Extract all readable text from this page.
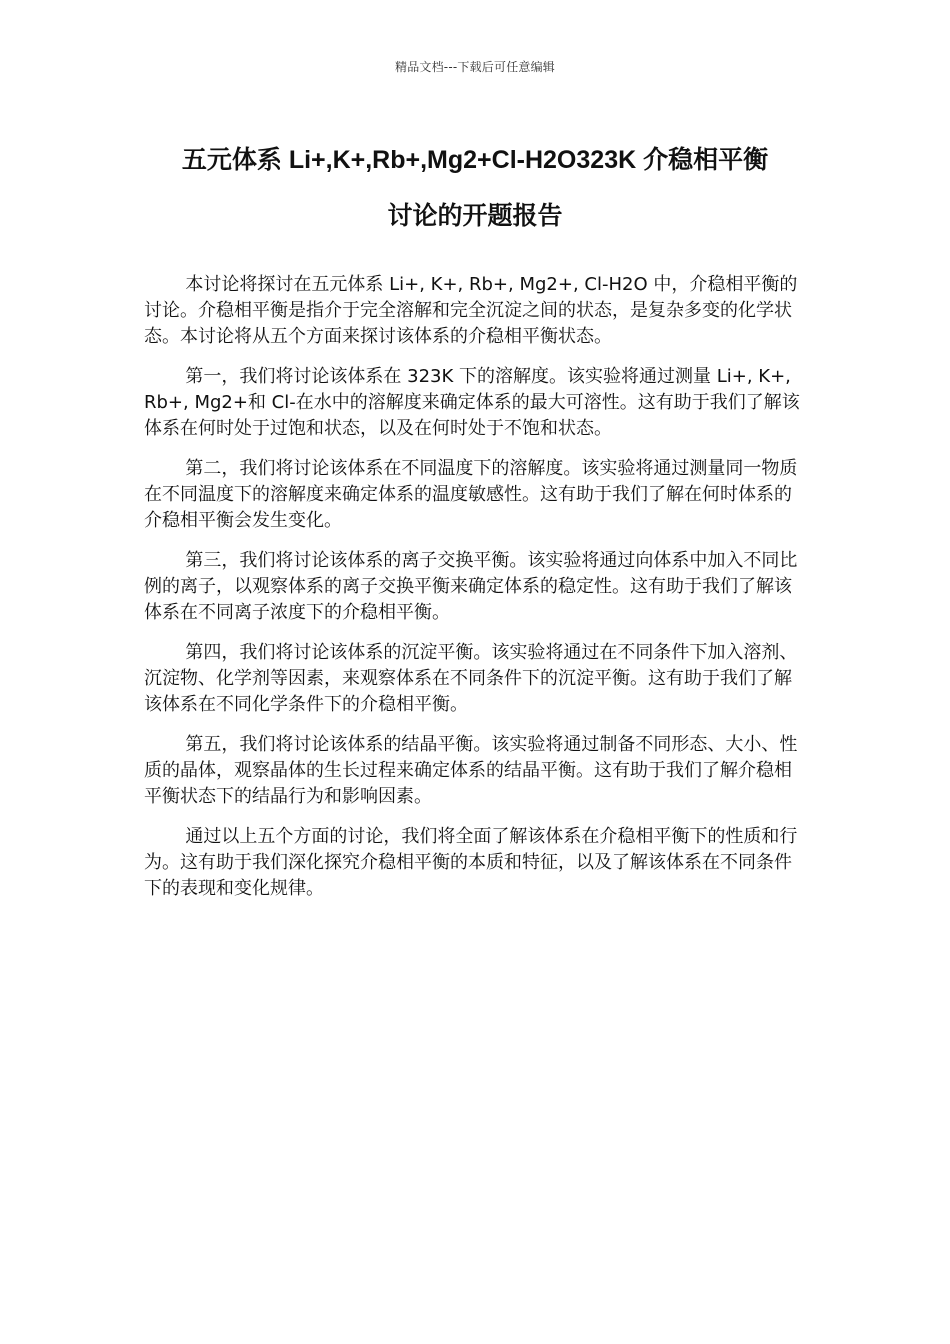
精品文档---下载后可任意编辑
五元体系 Li+,K+,Rb+,Mg2+Cl-H2O323K 介稳相平衡
讨论的开题报告

本讨论将探讨在五元体系 Li+, K+, Rb+, Mg2+, Cl-H2O 中，介稳相平衡的讨论。介稳相平衡是指介于完全溶解和完全沉淀之间的状态，是复杂多变的化学状态。本讨论将从五个方面来探讨该体系的介稳相平衡状态。

第一，我们将讨论该体系在 323K 下的溶解度。该实验将通过测量 Li+, K+, Rb+, Mg2+和 Cl-在水中的溶解度来确定体系的最大可溶性。这有助于我们了解该体系在何时处于过饱和状态，以及在何时处于不饱和状态。

第二，我们将讨论该体系在不同温度下的溶解度。该实验将通过测量同一物质在不同温度下的溶解度来确定体系的温度敏感性。这有助于我们了解在何时体系的介稳相平衡会发生变化。

第三，我们将讨论该体系的离子交换平衡。该实验将通过向体系中加入不同比例的离子，以观察体系的离子交换平衡来确定体系的稳定性。这有助于我们了解该体系在不同离子浓度下的介稳相平衡。

第四，我们将讨论该体系的沉淀平衡。该实验将通过在不同条件下加入溶剂、沉淀物、化学剂等因素，来观察体系在不同条件下的沉淀平衡。这有助于我们了解该体系在不同化学条件下的介稳相平衡。

第五，我们将讨论该体系的结晶平衡。该实验将通过制备不同形态、大小、性质的晶体，观察晶体的生长过程来确定体系的结晶平衡。这有助于我们了解介稳相平衡状态下的结晶行为和影响因素。

通过以上五个方面的讨论，我们将全面了解该体系在介稳相平衡下的性质和行为。这有助于我们深化探究介稳相平衡的本质和特征，以及了解该体系在不同条件下的表现和变化规律。
